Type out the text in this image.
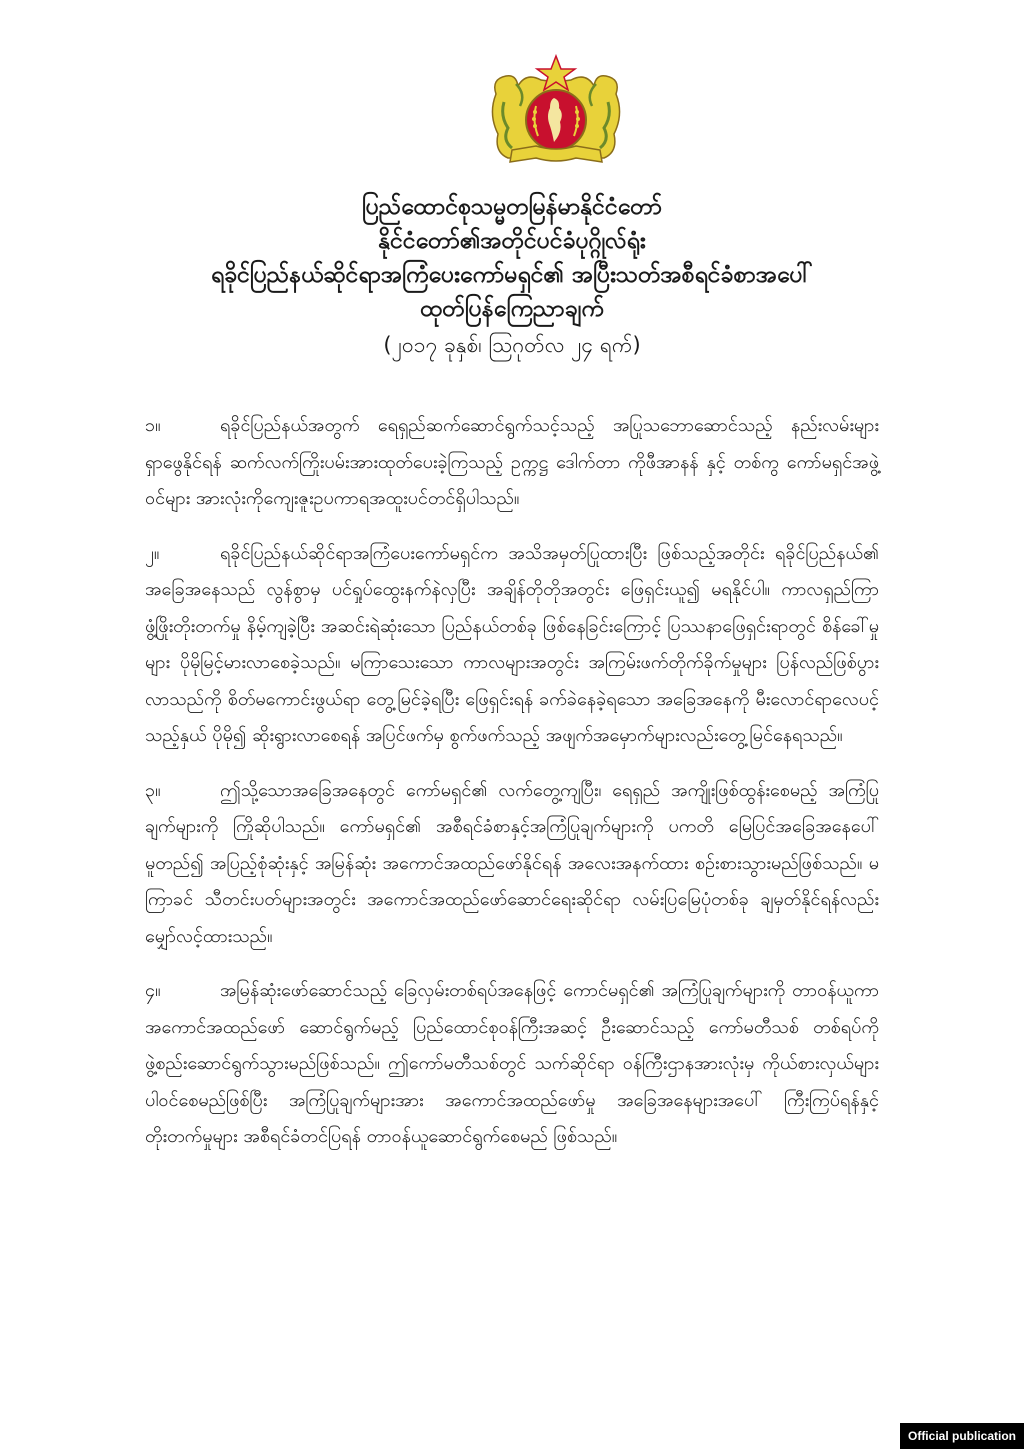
ပြည်ထောင်စုသမ္မတမြန်မာနိုင်ငံတော်
နိုင်ငံတော်၏အတိုင်ပင်ခံပုဂ္ဂိုလ်ရုံး
ရခိုင်ပြည်နယ်ဆိုင်ရာအကြံပေးကော်မရှင်၏ အပြီးသတ်အစီရင်ခံစာအပေါ်
ထုတ်ပြန်ကြေညာချက်
(၂၀၁၇ ခုနှစ်၊ ဩဂုတ်လ ၂၄ ရက်)

၁။	ရခိုင်ပြည်နယ်အတွက် ရေရှည်ဆက်ဆောင်ရွက်သင့်သည့် အပြုသဘောဆောင်သည့် နည်းလမ်းများ ရှာဖွေနိုင်ရန် ဆက်လက်ကြိုးပမ်းအားထုတ်ပေးခဲ့ကြသည့် ဥက္ကဋ္ဌ ဒေါက်တာ ကိုဖီအာနန် နှင့် တစ်ကွ ကော်မရှင်အဖွဲ့ဝင်များ အားလုံးကိုကျေးဇူးဥပကာရအထူးပင်တင်ရှိပါသည်။

၂။	ရခိုင်ပြည်နယ်ဆိုင်ရာအကြံပေးကော်မရှင်က အသိအမှတ်ပြုထားပြီး ဖြစ်သည့်အတိုင်း ရခိုင်ပြည်နယ်၏ အခြေအနေသည် လွန်စွာမှ ပင်ရှုပ်ထွေးနက်နဲလှပြီး အချိန်တိုတိုအတွင်း ဖြေရှင်းယူ၍ မရနိုင်ပါ။ ကာလရှည်ကြာ ဖွံ့ဖြိုးတိုးတက်မှု နိမ့်ကျခဲ့ပြီး အဆင်းရဲဆုံးသော ပြည်နယ်တစ်ခု ဖြစ်နေခြင်းကြောင့် ပြဿနာဖြေရှင်းရာတွင် စိန်ခေါ်မှုများ ပိုမိုမြင့်မားလာစေခဲ့သည်။ မကြာသေးသော ကာလများအတွင်း အကြမ်းဖက်တိုက်ခိုက်မှုများ ပြန်လည်ဖြစ်ပွားလာသည်ကို စိတ်မကောင်းဖွယ်ရာ တွေ့မြင်ခဲ့ရပြီး ဖြေရှင်းရန် ခက်ခဲနေခဲ့ရသော အခြေအနေကို မီးလောင်ရာလေပင့်သည့်နှယ် ပိုမို၍ ဆိုးရွားလာစေရန် အပြင်ဖက်မှ စွက်ဖက်သည့် အဖျက်အမှောက်များလည်းတွေ့မြင်နေရသည်။

၃။	ဤသို့သောအခြေအနေတွင် ကော်မရှင်၏ လက်တွေ့ကျပြီး၊ ရေရှည် အကျိုးဖြစ်ထွန်းစေမည့် အကြံပြုချက်များကို ကြိုဆိုပါသည်။ ကော်မရှင်၏ အစီရင်ခံစာနှင့်အကြံပြုချက်များကို ပကတိ မြေပြင်အခြေအနေပေါ် မူတည်၍ အပြည့်စုံဆုံးနှင့် အမြန်ဆုံး အကောင်အထည်ဖော်နိုင်ရန် အလေးအနက်ထား စဉ်းစားသွားမည်ဖြစ်သည်။ မကြာခင် သီတင်းပတ်များအတွင်း အကောင်အထည်ဖော်ဆောင်ရေးဆိုင်ရာ လမ်းပြမြေပုံတစ်ခု ချမှတ်နိုင်ရန်လည်း မျှော်လင့်ထားသည်။

၄။	အမြန်ဆုံးဖော်ဆောင်သည့် ခြေလှမ်းတစ်ရပ်အနေဖြင့် ကောင်မရှင်၏ အကြံပြုချက်များကို တာဝန်ယူကာ အကောင်အထည်ဖော် ဆောင်ရွက်မည့် ပြည်ထောင်စုဝန်ကြီးအဆင့် ဦးဆောင်သည့် ကော်မတီသစ် တစ်ရပ်ကို ဖွဲ့စည်းဆောင်ရွက်သွားမည်ဖြစ်သည်။ ဤကော်မတီသစ်တွင် သက်ဆိုင်ရာ ဝန်ကြီးဌာနအားလုံးမှ ကိုယ်စားလှယ်များ ပါဝင်စေမည်ဖြစ်ပြီး အကြံပြုချက်များအား အကောင်အထည်ဖော်မှု အခြေအနေများအပေါ် ကြီးကြပ်ရန်နှင့် တိုးတက်မှုများ အစီရင်ခံတင်ပြရန် တာဝန်ယူဆောင်ရွက်စေမည် ဖြစ်သည်။

Official publication
